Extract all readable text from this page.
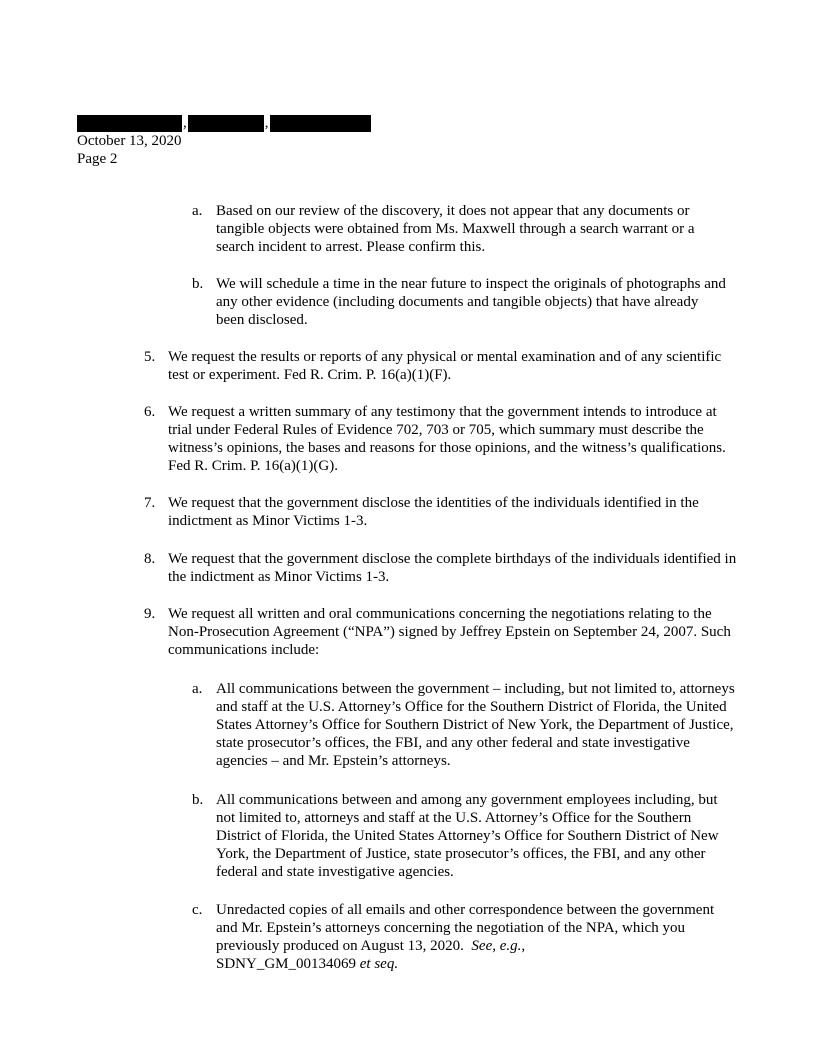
,	,
October 13, 2020
Page 2
a. Based on our review of the discovery, it does not appear that any documents or tangible objects were obtained from Ms. Maxwell through a search warrant or a search incident to arrest. Please confirm this.

b. We will schedule a time in the near future to inspect the originals of photographs and any other evidence (including documents and tangible objects) that have already been disclosed.

5. We request the results or reports of any physical or mental examination and of any scientific test or experiment. Fed R. Crim. P. 16(a)(1)(F).

6. We request a written summary of any testimony that the government intends to introduce at trial under Federal Rules of Evidence 702, 703 or 705, which summary must describe the witness’s opinions, the bases and reasons for those opinions, and the witness’s qualifications. Fed R. Crim. P. 16(a)(1)(G).

7. We request that the government disclose the identities of the individuals identified in the indictment as Minor Victims 1-3.

8. We request that the government disclose the complete birthdays of the individuals identified in the indictment as Minor Victims 1-3.

9. We request all written and oral communications concerning the negotiations relating to the Non-Prosecution Agreement (“NPA”) signed by Jeffrey Epstein on September 24, 2007. Such communications include:

a. All communications between the government – including, but not limited to, attorneys and staff at the U.S. Attorney’s Office for the Southern District of Florida, the United States Attorney’s Office for Southern District of New York, the Department of Justice, state prosecutor’s offices, the FBI, and any other federal and state investigative agencies – and Mr. Epstein’s attorneys.

b. All communications between and among any government employees including, but not limited to, attorneys and staff at the U.S. Attorney’s Office for the Southern District of Florida, the United States Attorney’s Office for Southern District of New York, the Department of Justice, state prosecutor’s offices, the FBI, and any other federal and state investigative agencies.

c. Unredacted copies of all emails and other correspondence between the government and Mr. Epstein’s attorneys concerning the negotiation of the NPA, which you previously produced on August 13, 2020. See, e.g.,
SDNY_GM_00134069 et seq.
